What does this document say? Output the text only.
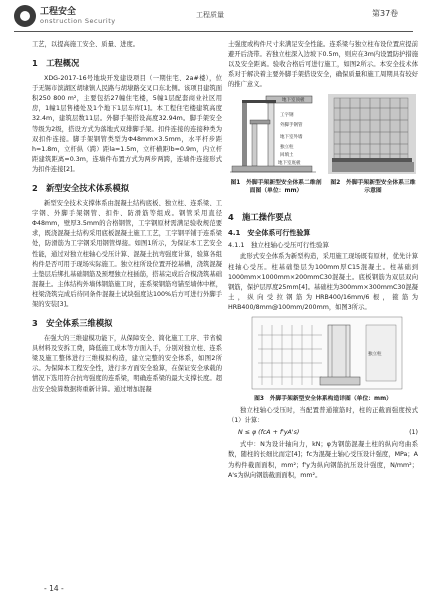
工程安全
onstruction Security
工程质量	第37卷

工艺，以提高施工安全、质量、进度。

1　工程概况

XDG-2017-16号地块开发建设项目（一期住宅、2a#楼），位于无锡市滨湖区胡埭镇人民路与胡埭路交叉口东北侧。该项目建筑面积250 800 m²，主要包括27幢住宅楼，5幢1层配套商业社区用房，1幢1层售楼处及1个地下1层车库[1]。本工程住宅楼建筑高度32.4m，建筑层数11层。外脚手架搭设高度32.94m。脚手架安全等级为2级，搭设方式为落地式双排脚手架。扣件连接的连接种类为双扣件连接。脚手架钢管类型为Φ48mm×3.5mm，水平杆步距h=1.8m，立杆纵（跨）距la=1.5m，立杆横距lb=0.9m，内立杆距建筑距离=0.3m，连墙件布置方式为两步两跨，连墙件连接形式为扣件连接[2]。

2　新型安全技术体系模拟

新型安全技术支撑体系由混凝土结构底板、独立柱、连系梁、工字钢、外脚手架钢管、扣件、防滑筋等组成。钢管采用直径Φ48mm，壁厚3.5mm的合格钢管，工字钢原材需满足验收规范要求，既浇混凝土结构采用底板混凝土施工工艺，工字钢平铺于连系梁处，防滑筋为工字钢采用钢管焊接。如图1所示，为保证本工艺安全性能，通过对独立柱轴心受压计算、混凝土抗弯强度计算，验算各组构件是否可用于现场实际施工。独立柱所设位置开挖基槽，浇筑混凝土垫层后绑扎基础钢筋及预埋独立柱插筋，搭基完成后合模浇筑基础混凝土。主体结构外墙体钢筋施工时，连系梁钢筋弯锚至墙体中框，柱梁浇筑完成后待同条件混凝土试块强度达100%后方可进行外脚手架的安装[3]。

3　安全体系三维模拟

在强大的三维建模功能下，从保障安全、简化施工工序、节省模具材料及安拆工费，降低施工成本等方面入手，分别对独立柱、连系梁及施工整体进行三维模拟构造，建立完整的安全体系，如图2所示。为保障本工程安全性，进行多方面安全验算，在保证安全承载的情况下选用符合抗弯强度的连系梁，明确连系梁的最大支撑长度。超出安全验算数据将重新计算。通过增加混凝

土强度或构件尺寸来满足安全性能。连系梁与独立柱布设位置应提前避开后浇带。若独立柱深入边坡下0.5m，则应在3m内设置防护措施以及安全距离。验收合格后可进行施工，如图2所示。本安全技术体系对于解决着主要外脚手架搭设安全，确保质量和施工周期具有较好的推广意义。

地下室顶板
工字钢
外脚手钢管
地下室外墙
独立柱
回填土
地下室底板
图1　外脚手架新型安全体系二维剖面图（单位：mm）
图2　外脚手架新型安全体系三维示意图
4　施工操作要点
4.1　安全体系可行性验算
4.1.1　独立柱轴心受压可行性验算

此形式安全体系为新型构造，采用施工现场既有原材，优先计算柱轴心受压。柱基础垫层为100mm厚C15混凝土。柱基础到1000mm×1000mm×200mmC30混凝土。底板钢筋为双层双向钢筋，保护层厚度25mm[4]。基础柱为300mm×300mmC30混凝土，纵向受拉钢筋为HRB400/16mm/6根，箍筋为HRB400/8mm@100mm/200mm，如图3所示。

独立柱
图3　外脚手架新型安全体系构造详图（单位：mm）

独立柱轴心受压时，当配置普通箍筋时，柱的正截面强度按式（1）计算：

N ≤ φ (fcA + f'yA's)	(1)

式中：N为设计轴向力，kN；φ为钢筋混凝土柱的纵向弯曲系数，随柱的长细比而定[4]；fc为混凝土轴心受压设计强度，MPa；A为构件截面面积，mm²；f'y为纵向钢筋抗压设计强度，N/mm²；A's为纵向钢筋截面面积，mm²。

- 14 -
